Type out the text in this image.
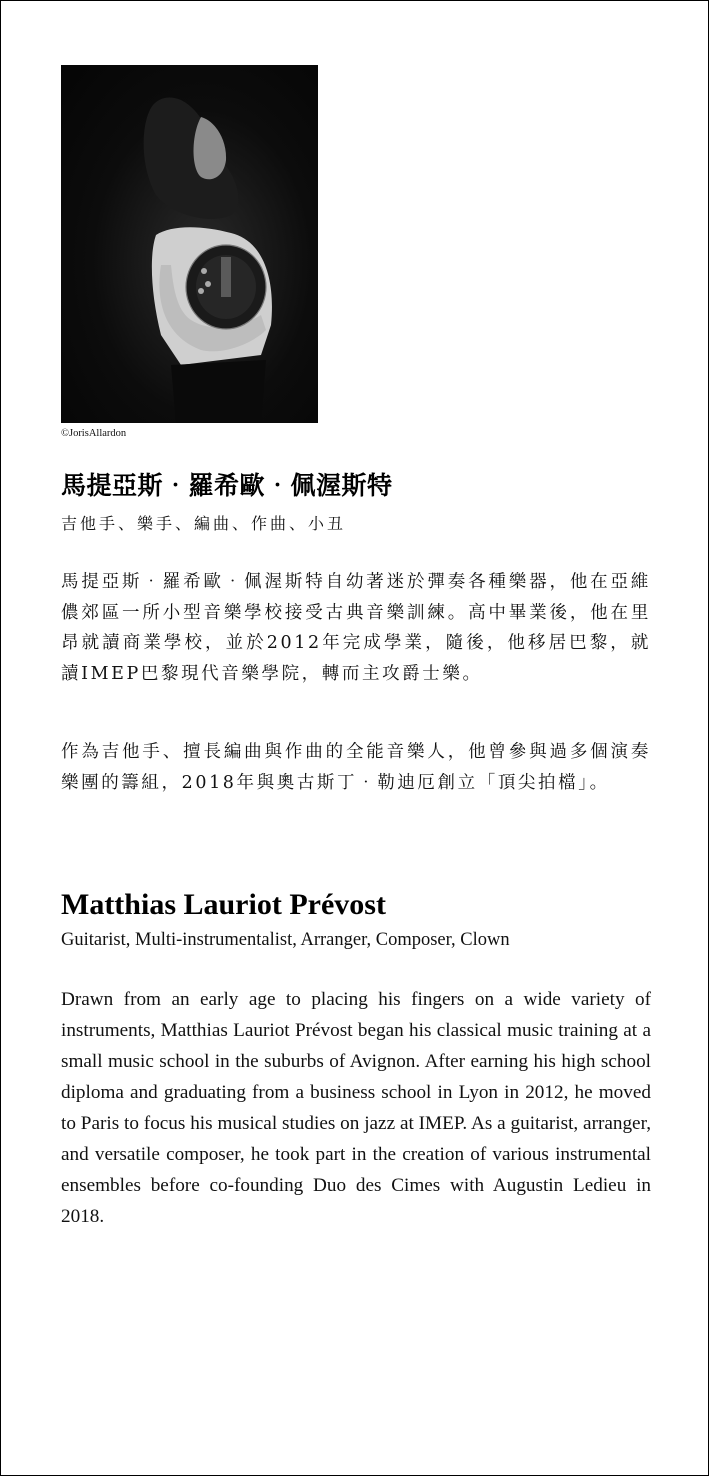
©JorisAllardon
馬提亞斯‧羅希歐‧佩渥斯特
吉他手、樂手、編曲、作曲、小丑

馬提亞斯‧羅希歐‧佩渥斯特自幼著迷於彈奏各種樂器，他在亞維儂郊區一所小型音樂學校接受古典音樂訓練。高中畢業後，他在里昂就讀商業學校，並於2012年完成學業，隨後，他移居巴黎，就讀IMEP巴黎現代音樂學院，轉而主攻爵士樂。

作為吉他手、擅長編曲與作曲的全能音樂人，他曾參與過多個演奏樂團的籌組，2018年與奧古斯丁‧勒迪厄創立「頂尖拍檔」。

Matthias Lauriot Prévost
Guitarist, Multi-instrumentalist, Arranger, Composer, Clown

Drawn from an early age to placing his fingers on a wide variety of instruments, Matthias Lauriot Prévost began his classical music training at a small music school in the suburbs of Avignon. After earning his high school diploma and graduating from a business school in Lyon in 2012, he moved to Paris to focus his musical studies on jazz at IMEP. As a guitarist, arranger, and versatile composer, he took part in the creation of various instrumental ensembles before co-founding Duo des Cimes with Augustin Ledieu in 2018.
